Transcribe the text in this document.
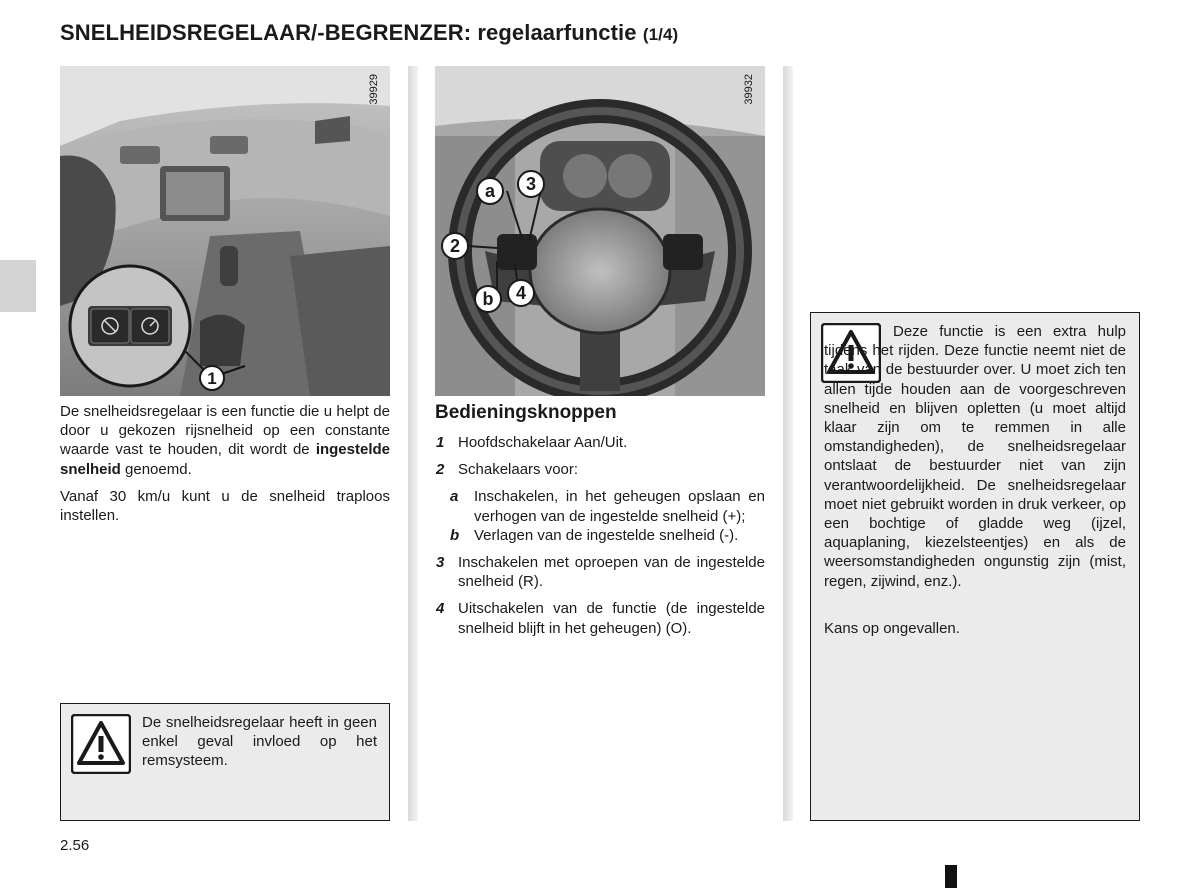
SNELHEIDSREGELAAR/-BEGRENZER: regelaarfunctie (1/4)
1
39929
a 3
2
b 4
39932

De snelheidsregelaar is een functie die u helpt de door u gekozen rijsnelheid op een constante waarde vast te houden, dit wordt de ingestelde snelheid genoemd.

Vanaf 30 km/u kunt u de snelheid traploos instellen.

Bedieningsknoppen
1 Hoofdschakelaar Aan/Uit.
2 Schakelaars voor:
a Inschakelen, in het geheugen opslaan en verhogen van de ingestelde snelheid (+);
b Verlagen van de ingestelde snelheid (-).
3 Inschakelen met oproepen van de ingestelde snelheid (R).
4 Uitschakelen van de functie (de ingestelde snelheid blijft in het geheugen) (O).
De snelheidsregelaar heeft in geen enkel geval invloed op het remsysteem.
Deze functie is een extra hulp tijdens het rijden. Deze functie neemt niet de taak van de bestuurder over. U moet zich ten allen tijde houden aan de voorgeschreven snelheid en blijven opletten (u moet altijd klaar zijn om te remmen in alle omstandigheden), de snelheidsregelaar ontslaat de bestuurder niet van zijn verantwoordelijkheid. De snelheidsregelaar moet niet gebruikt worden in druk verkeer, op een bochtige of gladde weg (ijzel, aquaplaning, kiezelsteentjes) en als de weersomstandigheden ongunstig zijn (mist, regen, zijwind, enz.).
Kans op ongevallen.
2.56
